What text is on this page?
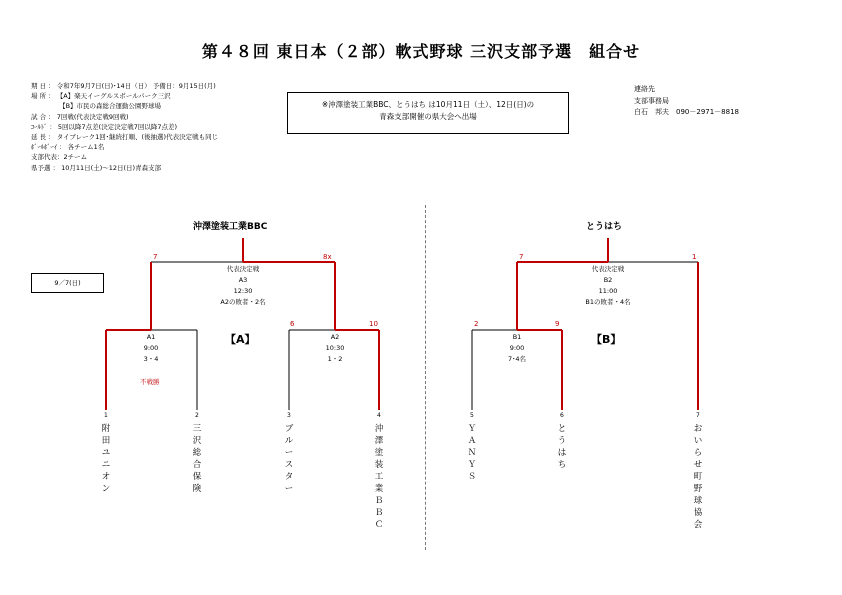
第４８回 東日本（２部）軟式野球 三沢支部予選　組合せ
期 日 ： 令和7年9月7日(日)･14日（日） 予備日：9月15日(月)
場 所 ： 【A】楽天イーグルスボールパーク三沢
　　　　 【B】市民の森総合運動公園野球場
試 合 ： 7回戦(代表決定戦9回戦)
ｺｰﾙﾄﾞ ： 5回以降7点差(決定決定戦7回以降7点差)
延 長 ： タイブレーク1回･継続打順、(後抽選)代表決定戦も同じ
ﾎﾞｰﾙﾎﾞｰｲ ： 各チーム1名
支部代表：2チーム
県予選 ： 10月11日(土)～12日(日)青森支部
※沖澤塗装工業BBC、とうはち は10月11日（土）、12日(日)の
青森支部開催の県大会へ出場
連絡先
支部事務局
白石　邦夫　090－2971－8818
9／7(日)
沖澤塗装工業BBC
代表決定戦
A3
12:30
A2の敗者・2名
【A】
A1
9:00
3・4
A2
10:30
1・2
不戦勝
7	8x
6	10
1	2	3	4
附田ユニオン
三沢総合保険
ブルースター
沖澤塗装工業ＢＢＣ
とうはち
代表決定戦
B2
11:00
B1の敗者・4名
【B】
B1
9:00
7･4名
7	1
2	9
5	6	7
ＹＡＮＹＳ
とうはち
おいらせ町野球協会
